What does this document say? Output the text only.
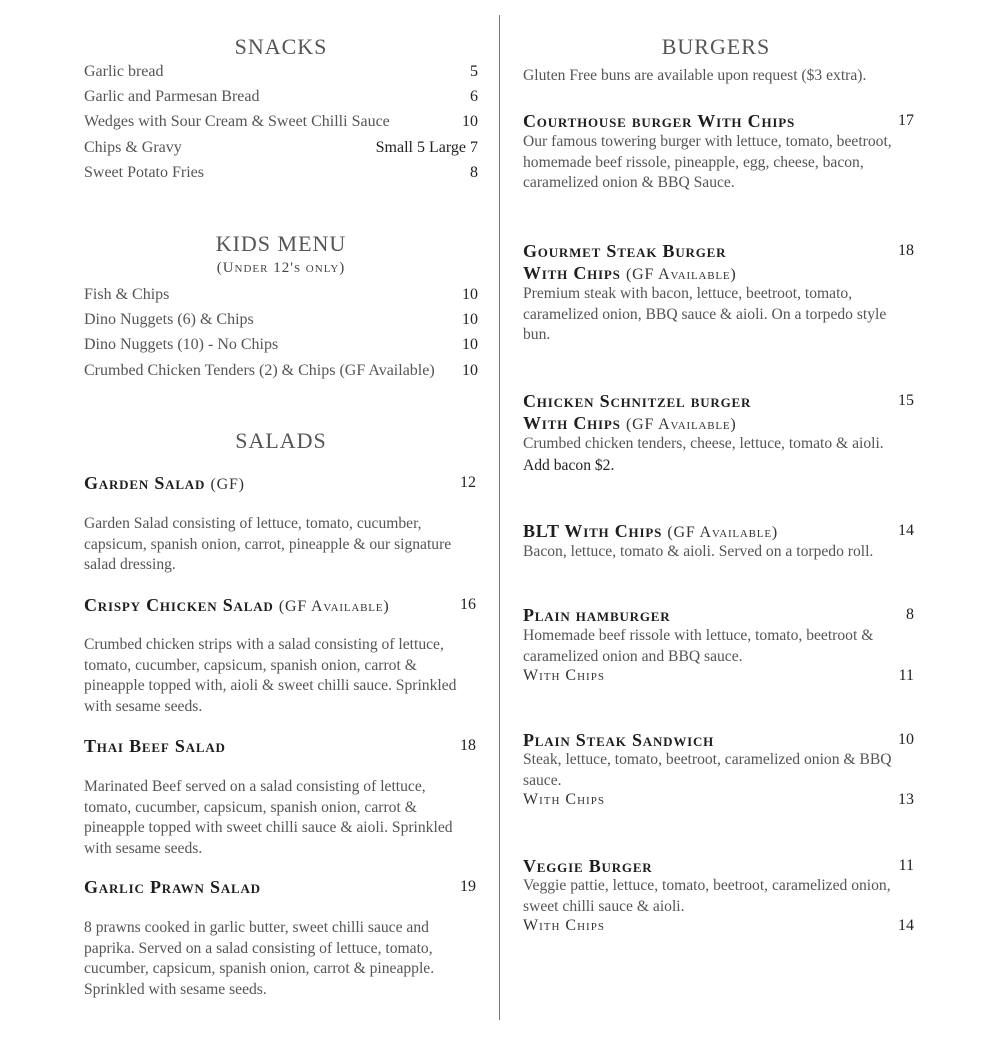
SNACKS
KIDS MENU
(Under 12's only)
SALADS
BURGERS
Gluten Free buns are available upon request ($3 extra).
Garlic bread	5
Garlic and Parmesan Bread	6
Wedges with Sour Cream & Sweet Chilli Sauce	10
Chips & Gravy	Small 5 Large 7
Sweet Potato Fries	8
Fish & Chips	10
Dino Nuggets (6) & Chips	10
Dino Nuggets (10) - No Chips	10
Crumbed Chicken Tenders (2) & Chips (GF Available)	10
Garden Salad (GF)	12
Garden Salad consisting of lettuce, tomato, cucumber, capsicum, spanish onion, carrot, pineapple & our signature salad dressing.
Crispy Chicken Salad (GF Available)	16
Crumbed chicken strips with a salad consisting of lettuce, tomato, cucumber, capsicum, spanish onion, carrot & pineapple topped with, aioli & sweet chilli sauce. Sprinkled with sesame seeds.
Thai Beef Salad	18
Marinated Beef served on a salad consisting of lettuce, tomato, cucumber, capsicum, spanish onion, carrot & pineapple topped with sweet chilli sauce & aioli. Sprinkled with sesame seeds.
Garlic Prawn Salad	19
8 prawns cooked in garlic butter, sweet chilli sauce and paprika. Served on a salad consisting of lettuce, tomato, cucumber, capsicum, spanish onion, carrot & pineapple. Sprinkled with sesame seeds.
Courthouse burger With Chips	17
Our famous towering burger with lettuce, tomato, beetroot, homemade beef rissole, pineapple, egg, cheese, bacon, caramelized onion & BBQ Sauce.
Gourmet Steak Burger	18
With Chips (GF Available)
Premium steak with bacon, lettuce, beetroot, tomato, caramelized onion, BBQ sauce & aioli. On a torpedo style bun.
Chicken Schnitzel burger	15
With Chips (GF Available)
Crumbed chicken tenders, cheese, lettuce, tomato & aioli.
Add bacon $2.
BLT With Chips (GF Available)	14
Bacon, lettuce, tomato & aioli. Served on a torpedo roll.
Plain hamburger	8
Homemade beef rissole with lettuce, tomato, beetroot & caramelized onion and BBQ sauce.
With Chips	11
Plain Steak Sandwich	10
Steak, lettuce, tomato, beetroot, caramelized onion & BBQ sauce.
With Chips	13
Veggie Burger	11
Veggie pattie, lettuce, tomato, beetroot, caramelized onion, sweet chilli sauce & aioli.
With Chips	14
